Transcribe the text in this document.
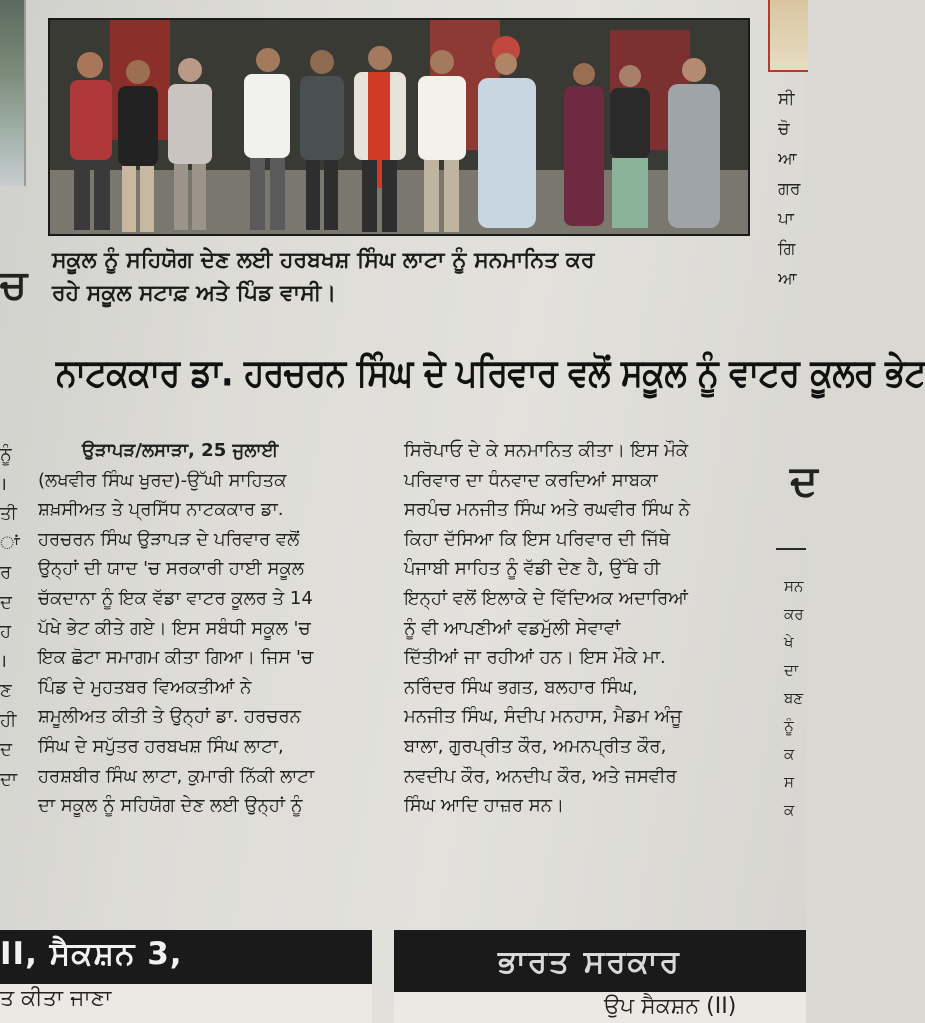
ਚ
ਨੂੰ
।
ਤੀ
ਾਂ
ਰ
ਦ
ਹ
।
ਣ
ਹੀ
ਦ
ਦਾ
ਸੀ
ਚੋ
ਆ
ਗਰ
ਪਾ
ਗਿ
ਆ
ਦ
ਸਨ
ਕਰ
ਖੇ
ਦਾ
ਬਣ
ਨੂੰ
ਕ
ਸ
ਕ
ਸਕੂਲ ਨੂੰ ਸਹਿਯੋਗ ਦੇਣ ਲਈ ਹਰਬਖਸ਼ ਸਿੰਘ ਲਾਟਾ ਨੂੰ ਸਨਮਾਨਿਤ ਕਰ
ਰਹੇ ਸਕੂਲ ਸਟਾਫ਼ ਅਤੇ ਪਿੰਡ ਵਾਸੀ।
ਨਾਟਕਕਾਰ ਡਾ. ਹਰਚਰਨ ਸਿੰਘ ਦੇ ਪਰਿਵਾਰ ਵਲੋਂ ਸਕੂਲ ਨੂੰ ਵਾਟਰ ਕੂਲਰ ਭੇਟ
ਉੜਾਪੜ/ਲਸਾੜਾ, 25 ਜੁਲਾਈ
(ਲਖਵੀਰ ਸਿੰਘ ਖੁਰਦ)-ਉੱਘੀ ਸਾਹਿਤਕ
ਸ਼ਖ਼ਸੀਅਤ ਤੇ ਪ੍ਰਸਿੱਧ ਨਾਟਕਕਾਰ ਡਾ.
ਹਰਚਰਨ ਸਿੰਘ ਉੜਾਪੜ ਦੇ ਪਰਿਵਾਰ ਵਲੋਂ
ਉਨ੍ਹਾਂ ਦੀ ਯਾਦ 'ਚ ਸਰਕਾਰੀ ਹਾਈ ਸਕੂਲ
ਚੱਕਦਾਨਾ ਨੂੰ ਇਕ ਵੱਡਾ ਵਾਟਰ ਕੂਲਰ ਤੇ 14
ਪੱਖੇ ਭੇਟ ਕੀਤੇ ਗਏ। ਇਸ ਸਬੰਧੀ ਸਕੂਲ 'ਚ
ਇਕ ਛੋਟਾ ਸਮਾਗਮ ਕੀਤਾ ਗਿਆ। ਜਿਸ 'ਚ
ਪਿੰਡ ਦੇ ਮੁਹਤਬਰ ਵਿਅਕਤੀਆਂ ਨੇ
ਸ਼ਮੂਲੀਅਤ ਕੀਤੀ ਤੇ ਉਨ੍ਹਾਂ ਡਾ. ਹਰਚਰਨ
ਸਿੰਘ ਦੇ ਸਪੁੱਤਰ ਹਰਬਖਸ਼ ਸਿੰਘ ਲਾਟਾ,
ਹਰਸ਼ਬੀਰ ਸਿੰਘ ਲਾਟਾ, ਕੁਮਾਰੀ ਨਿੱਕੀ ਲਾਟਾ
ਦਾ ਸਕੂਲ ਨੂੰ ਸਹਿਯੋਗ ਦੇਣ ਲਈ ਉਨ੍ਹਾਂ ਨੂੰ
ਸਿਰੋਪਾਓ ਦੇ ਕੇ ਸਨਮਾਨਿਤ ਕੀਤਾ। ਇਸ ਮੌਕੇ
ਪਰਿਵਾਰ ਦਾ ਧੰਨਵਾਦ ਕਰਦਿਆਂ ਸਾਬਕਾ
ਸਰਪੰਚ ਮਨਜੀਤ ਸਿੰਘ ਅਤੇ ਰਘਵੀਰ ਸਿੰਘ ਨੇ
ਕਿਹਾ ਦੱਸਿਆ ਕਿ ਇਸ ਪਰਿਵਾਰ ਦੀ ਜਿੱਥੇ
ਪੰਜਾਬੀ ਸਾਹਿਤ ਨੂੰ ਵੱਡੀ ਦੇਣ ਹੈ, ਉੱਥੇ ਹੀ
ਇਨ੍ਹਾਂ ਵਲੋਂ ਇਲਾਕੇ ਦੇ ਵਿੱਦਿਅਕ ਅਦਾਰਿਆਂ
ਨੂੰ ਵੀ ਆਪਣੀਆਂ ਵਡਮੁੱਲੀ ਸੇਵਾਵਾਂ
ਦਿੱਤੀਆਂ ਜਾ ਰਹੀਆਂ ਹਨ। ਇਸ ਮੌਕੇ ਮਾ.
ਨਰਿੰਦਰ ਸਿੰਘ ਭਗਤ, ਬਲਹਾਰ ਸਿੰਘ,
ਮਨਜੀਤ ਸਿੰਘ, ਸੰਦੀਪ ਮਨਹਾਸ, ਮੈਡਮ ਅੰਜੂ
ਬਾਲਾ, ਗੁਰਪ੍ਰੀਤ ਕੌਰ, ਅਮਨਪ੍ਰੀਤ ਕੌਰ,
ਨਵਦੀਪ ਕੌਰ, ਅਨਦੀਪ ਕੌਰ, ਅਤੇ ਜਸਵੀਰ
ਸਿੰਘ ਆਦਿ ਹਾਜ਼ਰ ਸਨ।
II, ਸੈਕਸ਼ਨ 3,
ਤ ਕੀਤਾ ਜਾਣਾ
ਭਾਰਤ ਸਰਕਾਰ
ਉਪ ਸੈਕਸ਼ਨ (II)
